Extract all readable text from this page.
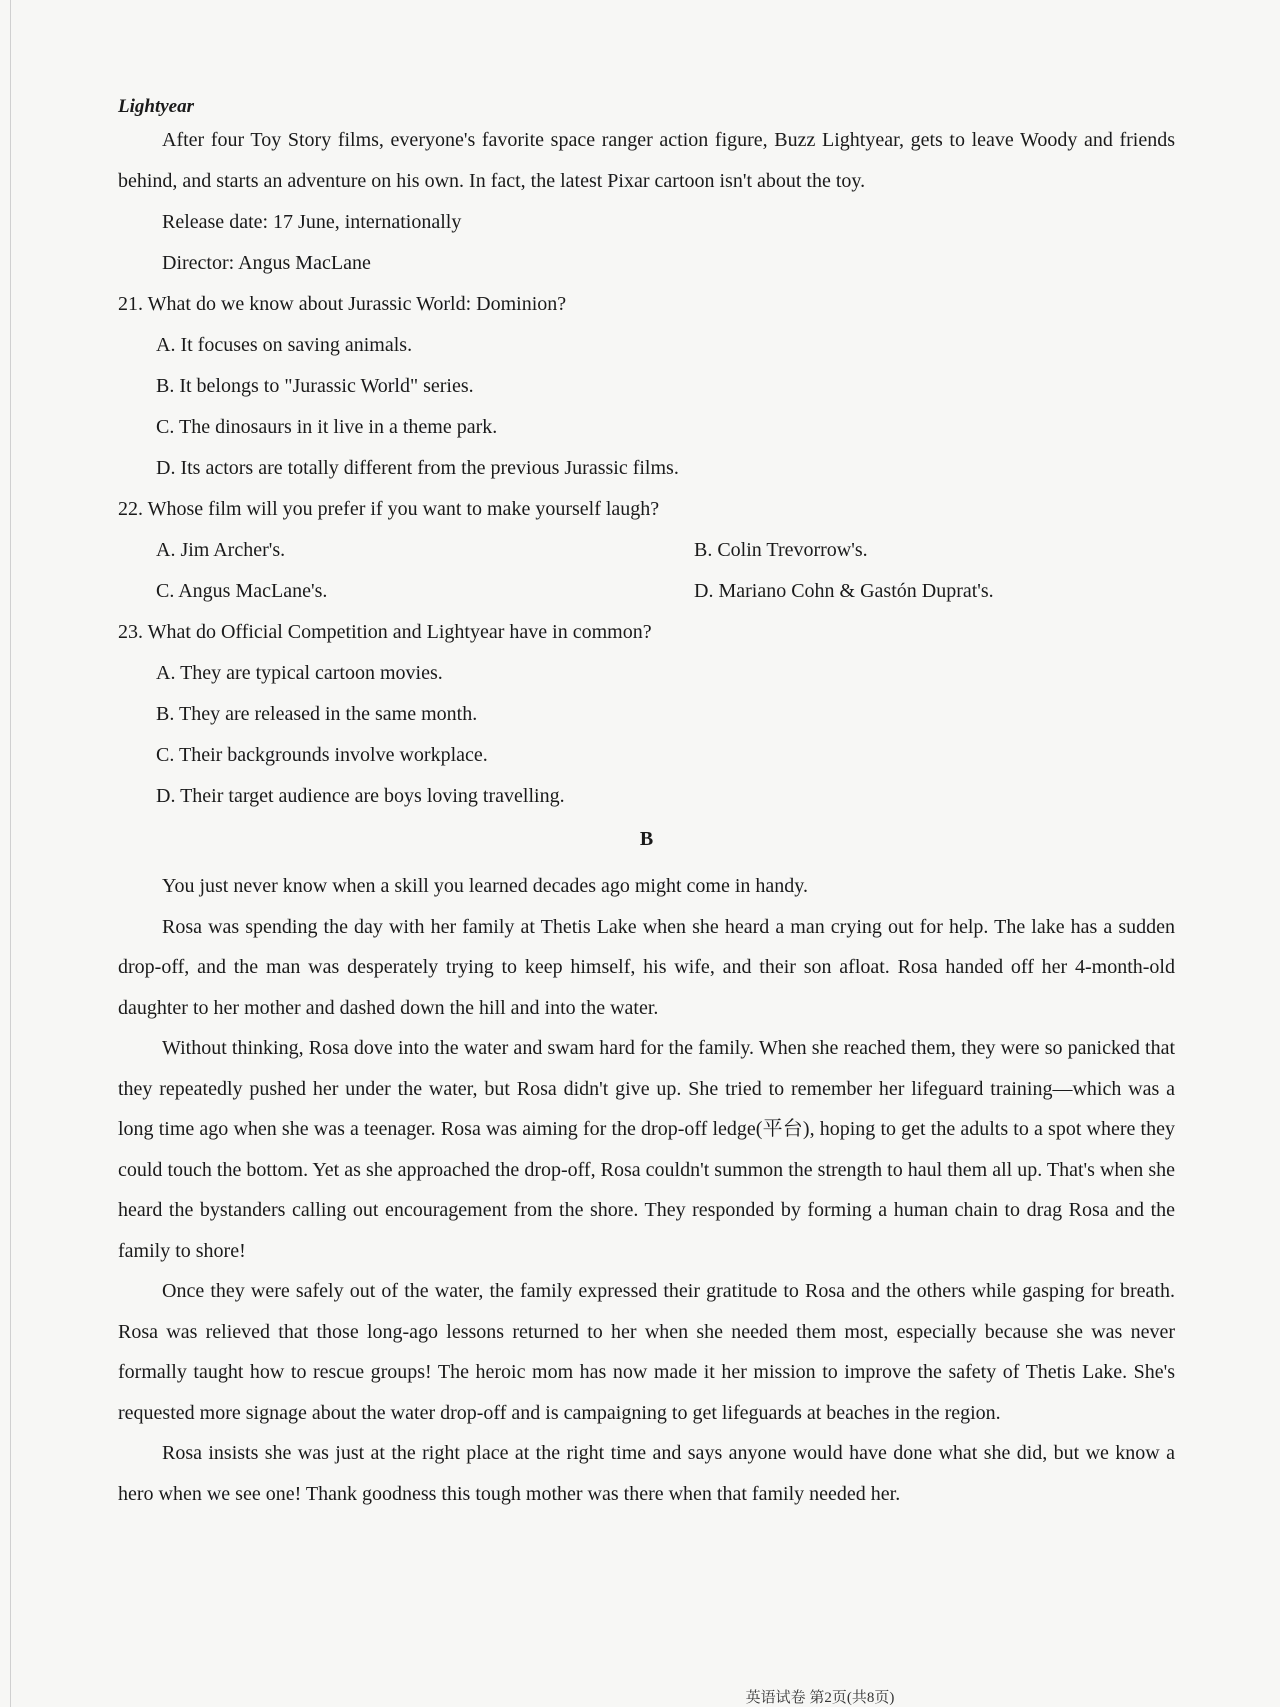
Lightyear

After four Toy Story films, everyone's favorite space ranger action figure, Buzz Lightyear, gets to leave Woody and friends behind, and starts an adventure on his own. In fact, the latest Pixar cartoon isn't about the toy.

Release date: 17 June, internationally

Director: Angus MacLane

21. What do we know about Jurassic World: Dominion?

A. It focuses on saving animals.

B. It belongs to "Jurassic World" series.

C. The dinosaurs in it live in a theme park.

D. Its actors are totally different from the previous Jurassic films.

22. Whose film will you prefer if you want to make yourself laugh?

A. Jim Archer's.	B. Colin Trevorrow's.
C. Angus MacLane's.	D. Mariano Cohn & Gastón Duprat's.

23. What do Official Competition and Lightyear have in common?

A. They are typical cartoon movies.

B. They are released in the same month.

C. Their backgrounds involve workplace.

D. Their target audience are boys loving travelling.

B

You just never know when a skill you learned decades ago might come in handy.

Rosa was spending the day with her family at Thetis Lake when she heard a man crying out for help. The lake has a sudden drop-off, and the man was desperately trying to keep himself, his wife, and their son afloat. Rosa handed off her 4-month-old daughter to her mother and dashed down the hill and into the water.

Without thinking, Rosa dove into the water and swam hard for the family. When she reached them, they were so panicked that they repeatedly pushed her under the water, but Rosa didn't give up. She tried to remember her lifeguard training—which was a long time ago when she was a teenager. Rosa was aiming for the drop-off ledge(平台), hoping to get the adults to a spot where they could touch the bottom. Yet as she approached the drop-off, Rosa couldn't summon the strength to haul them all up. That's when she heard the bystanders calling out encouragement from the shore. They responded by forming a human chain to drag Rosa and the family to shore!

Once they were safely out of the water, the family expressed their gratitude to Rosa and the others while gasping for breath. Rosa was relieved that those long-ago lessons returned to her when she needed them most, especially because she was never formally taught how to rescue groups! The heroic mom has now made it her mission to improve the safety of Thetis Lake. She's requested more signage about the water drop-off and is campaigning to get lifeguards at beaches in the region.

Rosa insists she was just at the right place at the right time and says anyone would have done what she did, but we know a hero when we see one! Thank goodness this tough mother was there when that family needed her.

英语试卷 第2页(共8页)
